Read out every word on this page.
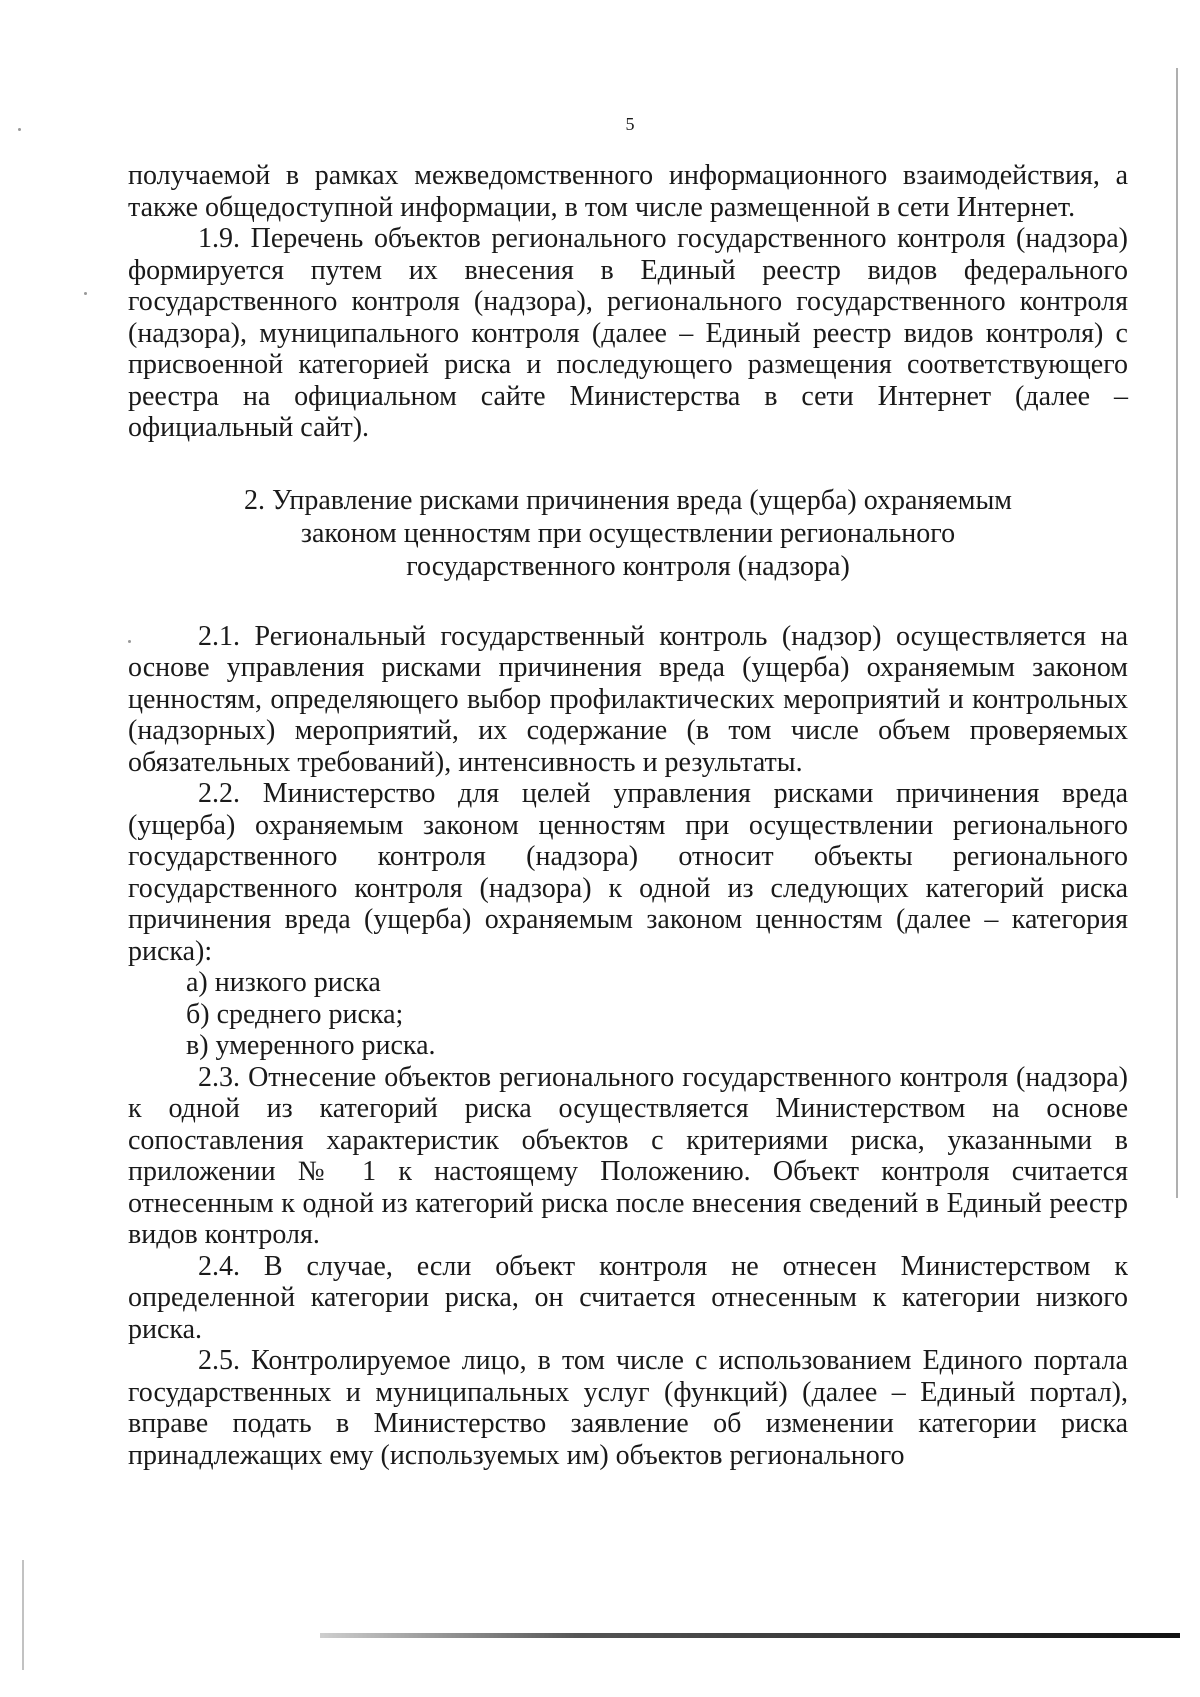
5

получаемой в рамках межведомственного информационного взаимодействия, а также общедоступной информации, в том числе размещенной в сети Интернет.

1.9. Перечень объектов регионального государственного контроля (надзора) формируется путем их внесения в Единый реестр видов федерального государственного контроля (надзора), регионального государственного контроля (надзора), муниципального контроля (далее – Единый реестр видов контроля) с присвоенной категорией риска и последующего размещения соответствующего реестра на официальном сайте Министерства в сети Интернет (далее – официальный сайт).

2. Управление рисками причинения вреда (ущерба) охраняемым
законом ценностям при осуществлении регионального
государственного контроля (надзора)

2.1. Региональный государственный контроль (надзор) осуществляется на основе управления рисками причинения вреда (ущерба) охраняемым законом ценностям, определяющего выбор профилактических мероприятий и контрольных (надзорных) мероприятий, их содержание (в том числе объем проверяемых обязательных требований), интенсивность и результаты.

2.2. Министерство для целей управления рисками причинения вреда (ущерба) охраняемым законом ценностям при осуществлении регионального государственного контроля (надзора) относит объекты регионального государственного контроля (надзора) к одной из следующих категорий риска причинения вреда (ущерба) охраняемым законом ценностям (далее – категория риска):

а) низкого риска

б) среднего риска;

в) умеренного риска.

2.3. Отнесение объектов регионального государственного контроля (надзора) к одной из категорий риска осуществляется Министерством на основе сопоставления характеристик объектов с критериями риска, указанными в приложении № 1 к настоящему Положению. Объект контроля считается отнесенным к одной из категорий риска после внесения сведений в Единый реестр видов контроля.

2.4. В случае, если объект контроля не отнесен Министерством к определенной категории риска, он считается отнесенным к категории низкого риска.

2.5. Контролируемое лицо, в том числе с использованием Единого портала государственных и муниципальных услуг (функций) (далее – Единый портал), вправе подать в Министерство заявление об изменении категории риска принадлежащих ему (используемых им) объектов регионального
